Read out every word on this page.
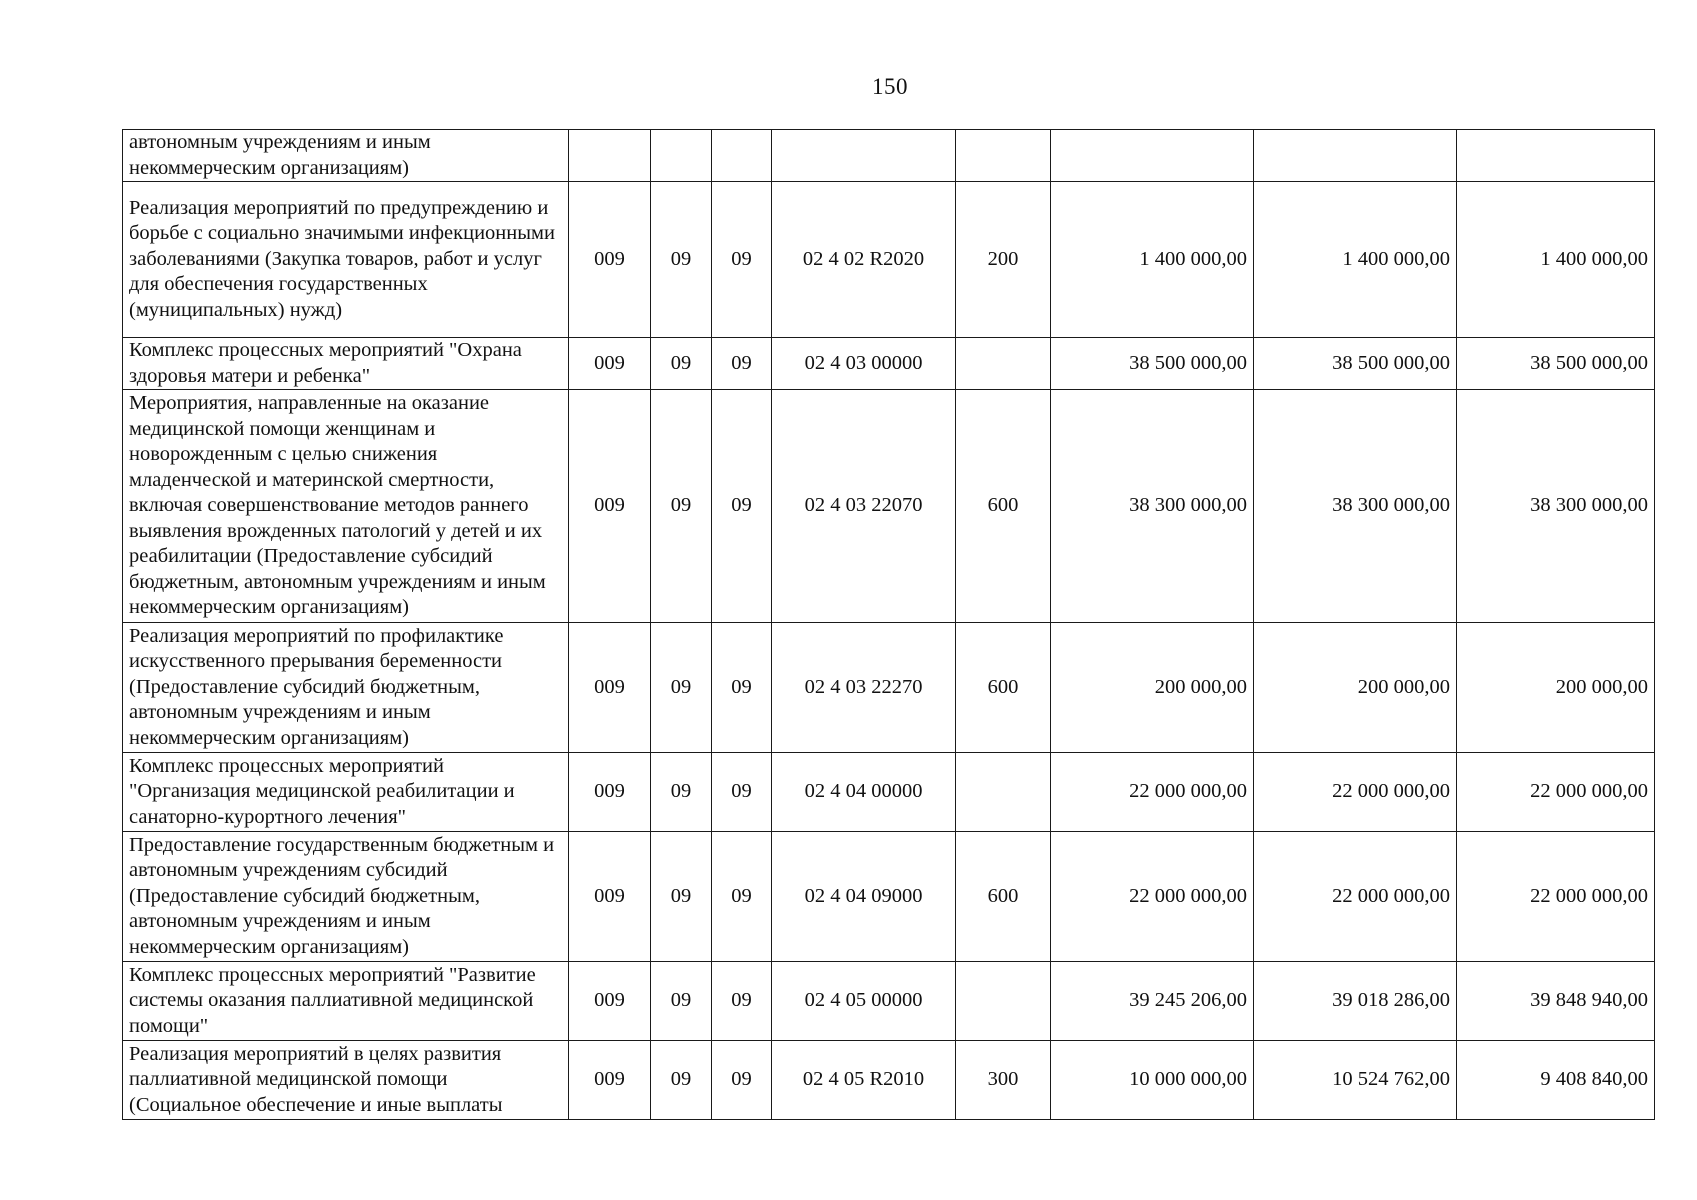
150
автономным учреждениям и иным некоммерческим организациям)								
Реализация мероприятий по предупреждению и борьбе с социально значимыми инфекционными заболеваниями (Закупка товаров, работ и услуг для обеспечения государственных (муниципальных) нужд)	009	09	09	02 4 02 R2020	200	1 400 000,00	1 400 000,00	1 400 000,00
Комплекс процессных мероприятий "Охрана здоровья матери и ребенка"	009	09	09	02 4 03 00000		38 500 000,00	38 500 000,00	38 500 000,00
Мероприятия, направленные на оказание медицинской помощи женщинам и новорожденным с целью снижения младенческой и материнской смертности, включая совершенствование методов раннего выявления врожденных патологий у детей и их реабилитации (Предоставление субсидий бюджетным, автономным учреждениям и иным некоммерческим организациям)	009	09	09	02 4 03 22070	600	38 300 000,00	38 300 000,00	38 300 000,00
Реализация мероприятий по профилактике искусственного прерывания беременности (Предоставление субсидий бюджетным, автономным учреждениям и иным некоммерческим организациям)	009	09	09	02 4 03 22270	600	200 000,00	200 000,00	200 000,00
Комплекс процессных мероприятий "Организация медицинской реабилитации и санаторно-курортного лечения"	009	09	09	02 4 04 00000		22 000 000,00	22 000 000,00	22 000 000,00
Предоставление государственным бюджетным и автономным учреждениям субсидий (Предоставление субсидий бюджетным, автономным учреждениям и иным некоммерческим организациям)	009	09	09	02 4 04 09000	600	22 000 000,00	22 000 000,00	22 000 000,00
Комплекс процессных мероприятий "Развитие системы оказания паллиативной медицинской помощи"	009	09	09	02 4 05 00000		39 245 206,00	39 018 286,00	39 848 940,00
Реализация мероприятий в целях развития паллиативной медицинской помощи (Социальное обеспечение и иные выплаты	009	09	09	02 4 05 R2010	300	10 000 000,00	10 524 762,00	9 408 840,00
